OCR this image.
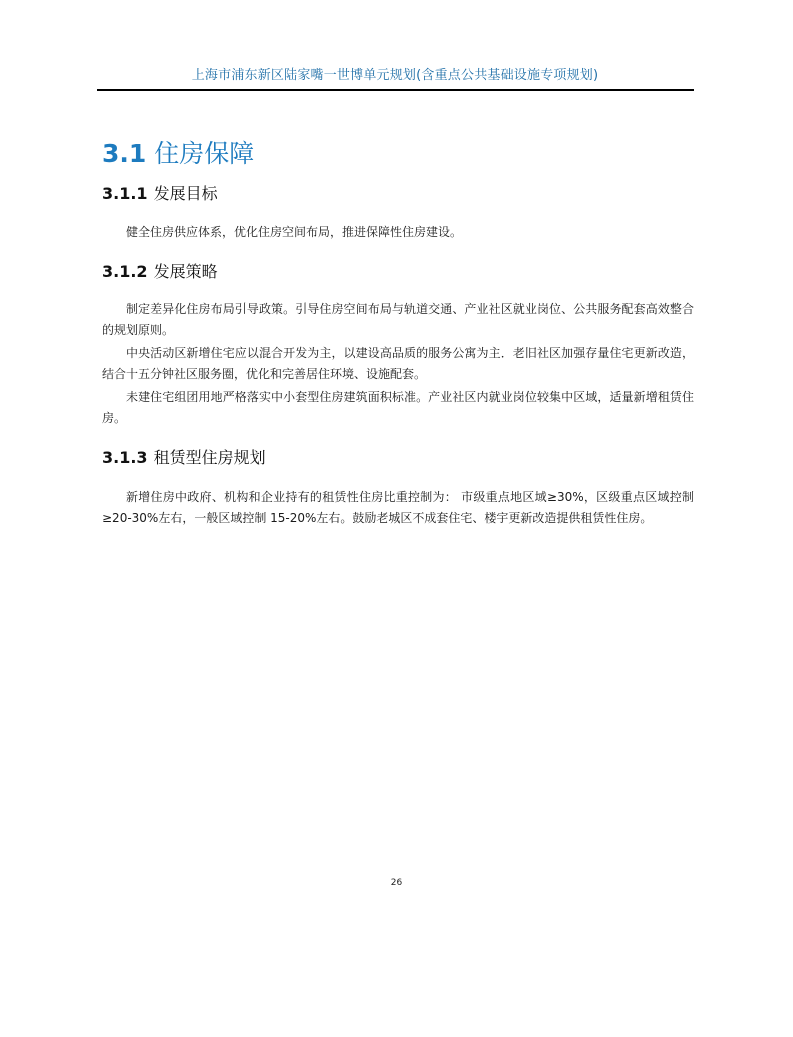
上海市浦东新区陆家嘴一世博单元规划(含重点公共基础设施专项规划)
3.1 住房保障
3.1.1 发展目标

健全住房供应体系，优化住房空间布局，推进保障性住房建设。

3.1.2 发展策略

制定差异化住房布局引导政策。引导住房空间布局与轨道交通、产业社区就业岗位、公共服务配套高效整合的规划原则。

中央活动区新增住宅应以混合开发为主，以建设高品质的服务公寓为主．老旧社区加强存量住宅更新改造，结合十五分钟社区服务圈，优化和完善居住环境、设施配套。

未建住宅组团用地严格落实中小套型住房建筑面积标准。产业社区内就业岗位较集中区域，适量新增租赁住房。

3.1.3 租赁型住房规划

新增住房中政府、机构和企业持有的租赁性住房比重控制为： 市级重点地区域≥30%，区级重点区域控制≥20-30%左右，一般区域控制 15-20%左右。鼓励老城区不成套住宅、楼宇更新改造提供租赁性住房。

26
